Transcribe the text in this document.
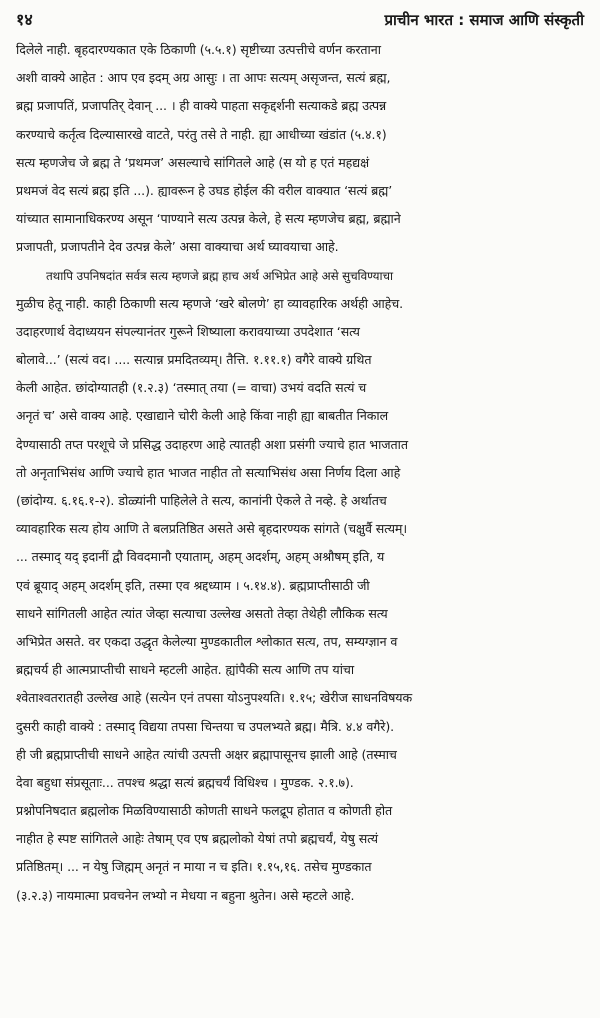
१४	प्राचीन भारत : समाज आणि संस्कृती
दिलेले नाही. बृहदारण्यकात एके ठिकाणी (५.५.१) सृष्टीच्या उत्पत्तीचे वर्णन करताना
अशी वाक्ये आहेत : आप एव इदम् अग्र आसुः । ता आपः सत्यम् असृजन्त, सत्यं ब्रह्म,
ब्रह्म प्रजापतिं, प्रजापतिर् देवान् ... । ही वाक्ये पाहता सकृद्दर्शनी सत्याकडे ब्रह्म उत्पन्न
करण्याचे कर्तृत्व दिल्यासारखे वाटते, परंतु तसे ते नाही. ह्या आधीच्या खंडांत (५.४.१)
सत्य म्हणजेच जे ब्रह्म ते ‘प्रथमज’ असल्याचे सांगितले आहे (स यो ह एतं महद्यक्षं
प्रथमजं वेद सत्यं ब्रह्म इति ...). ह्यावरून हे उघड होईल की वरील वाक्यात ‘सत्यं ब्रह्म’
यांच्यात सामानाधिकरण्य असून ‘पाण्याने सत्य उत्पन्न केले, हे सत्य म्हणजेच ब्रह्म, ब्रह्माने
प्रजापती, प्रजापतीने देव उत्पन्न केले’ असा वाक्याचा अर्थ घ्यावयाचा आहे.
तथापि उपनिषदांत सर्वत्र सत्य म्हणजे ब्रह्म हाच अर्थ अभिप्रेत आहे असे सुचविण्याचा
मुळीच हेतू नाही. काही ठिकाणी सत्य म्हणजे ‘खरे बोलणे’ हा व्यावहारिक अर्थही आहेच.
उदाहरणार्थ वेदाध्ययन संपल्यानंतर गुरूने शिष्याला करावयाच्या उपदेशात ‘सत्य
बोलावे...’ (सत्यं वद। .... सत्यान्न प्रमदितव्यम्। तैत्ति. १.११.१) वगैरे वाक्ये ग्रथित
केली आहेत. छांदोग्यातही (१.२.३) ‘तस्मात् तया (= वाचा) उभयं वदति सत्यं च
अनृतं च’ असे वाक्य आहे. एखाद्याने चोरी केली आहे किंवा नाही ह्या बाबतीत निकाल
देण्यासाठी तप्त परशूचे जे प्रसिद्ध उदाहरण आहे त्यातही अशा प्रसंगी ज्याचे हात भाजतात
तो अनृताभिसंध आणि ज्याचे हात भाजत नाहीत तो सत्याभिसंध असा निर्णय दिला आहे
(छांदोग्य. ६.१६.१-२). डोळ्यांनी पाहिलेले ते सत्य, कानांनी ऐकले ते नव्हे. हे अर्थातच
व्यावहारिक सत्य होय आणि ते बलप्रतिष्ठित असते असे बृहदारण्यक सांगते (चक्षुर्वै सत्यम्।
... तस्माद् यद् इदानीं द्वौ विवदमानौ एयाताम्, अहम् अदर्शम्, अहम् अश्रौषम् इति, य
एवं ब्रूयाद् अहम् अदर्शम् इति, तस्मा एव श्रद्दध्याम । ५.१४.४). ब्रह्मप्राप्तीसाठी जी
साधने सांगितली आहेत त्यांत जेव्हा सत्याचा उल्लेख असतो तेव्हा तेथेही लौकिक सत्य
अभिप्रेत असते. वर एकदा उद्धृत केलेल्या मुण्डकातील श्लोकात सत्य, तप, सम्यग्ज्ञान व
ब्रह्मचर्य ही आत्मप्राप्तीची साधने म्हटली आहेत. ह्यांपैकी सत्य आणि तप यांचा
श्वेताश्वतरातही उल्लेख आहे (सत्येन एनं तपसा योऽनुपश्यति। १.१५; खेरीज साधनविषयक
दुसरी काही वाक्ये : तस्माद् विद्यया तपसा चिन्तया च उपलभ्यते ब्रह्म। मैत्रि. ४.४ वगैरे).
ही जी ब्रह्मप्राप्तीची साधने आहेत त्यांची उत्पत्ती अक्षर ब्रह्मापासूनच झाली आहे (तस्माच
देवा बहुधा संप्रसूताः... तपश्च श्रद्धा सत्यं ब्रह्मचर्यं विधिश्च । मुण्डक. २.१.७).
प्रश्नोपनिषदात ब्रह्मलोक मिळविण्यासाठी कोणती साधने फलद्रूप होतात व कोणती होत
नाहीत हे स्पष्ट सांगितले आहेः तेषाम् एव एष ब्रह्मलोको येषां तपो ब्रह्मचर्यं, येषु सत्यं
प्रतिष्ठितम्। ... न येषु जिह्मम् अनृतं न माया न च इति। १.१५,१६. तसेच मुण्डकात
(३.२.३) नायमात्मा प्रवचनेन लभ्यो न मेधया न बहुना श्रुतेन। असे म्हटले आहे.
